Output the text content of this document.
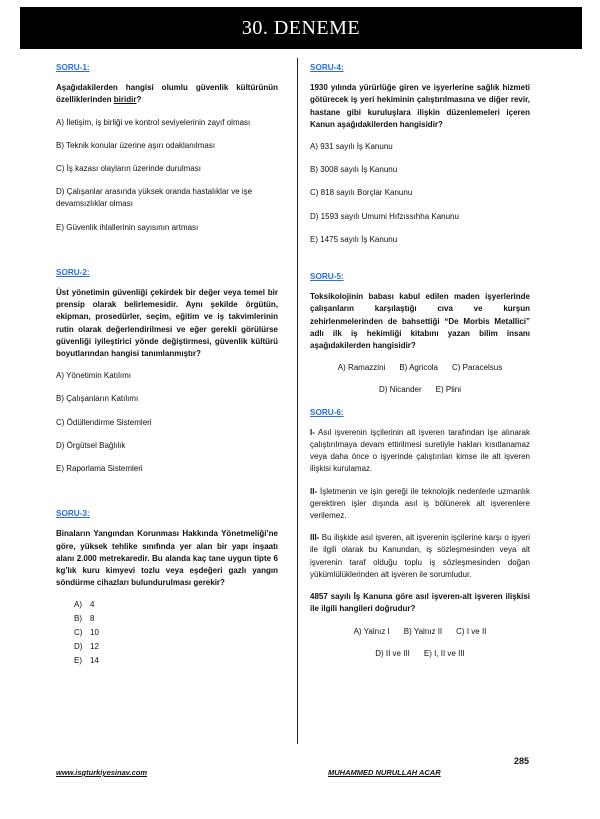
30. DENEME
SORU-1:
Aşağıdakilerden hangisi olumlu güvenlik kültürünün özelliklerinden biridir?
A) İletişim, iş birliği ve kontrol seviyelerinin zayıf olması
B) Teknik konular üzerine aşırı odaklanılması
C) İş kazası olayların üzerinde durulması
D) Çalışanlar arasında yüksek oranda hastalıklar ve işe devamsızlıklar olması
E) Güvenlik ihlallerinin sayısının artması
SORU-2:
Üst yönetimin güvenliği çekirdek bir değer veya temel bir prensip olarak belirlemesidir. Aynı şekilde örgütün, ekipman, prosedürler, seçim, eğitim ve iş takvimlerinin rutin olarak değerlendirilmesi ve eğer gerekli görülürse güvenliği iyileştirici yönde değiştirmesi, güvenlik kültürü boyutlarından hangisi tanımlanmıştır?
A) Yönetimin Katılımı
B) Çalışanların Katılımı
C) Ödüllendirme Sistemleri
D) Örgütsel Bağlılık
E) Raporlama Sistemleri
SORU-3:
Binaların Yangından Korunması Hakkında Yönetmeliği’ne göre, yüksek tehlike sınıfında yer alan bir yapı inşaatı alanı 2.000 metrekaredir. Bu alanda kaç tane uygun tipte 6 kg’lık kuru kimyevi tozlu veya eşdeğeri gazlı yangın söndürme cihazları bulundurulması gerekir?
A)	4
B)	8
C) 10
D) 12
E)	14
SORU-4:
1930 yılında yürürlüğe giren ve işyerlerine sağlık hizmeti götürecek iş yeri hekiminin çalıştırılmasına ve diğer revir, hastane gibi kuruluşlara ilişkin düzenlemeleri içeren Kanun aşağıdakilerden hangisidir?
A) 931 sayılı İş Kanunu
B) 3008 sayılı İş Kanunu
C) 818 sayılı Borçlar Kanunu
D) 1593 sayılı Umumi Hıfzıssıhha Kanunu
E) 1475 sayılı İş Kanunu
SORU-5:
Toksikolojinin babası kabul edilen maden işyerlerinde çalışanların karşılaştığı cıva ve kurşun zehirlenmelerinden de bahsettiği “De Morbis Metallici” adlı ilk iş hekimliği kitabını yazan bilim insanı aşağıdakilerden hangisidir?
A) Ramazzini B) Agricola C) Paracelsus
D) Nicander E) Plini
SORU-6:
I- Asıl işverenin işçilerinin alt işveren tarafından işe alınarak çalıştırılmaya devam ettirilmesi suretiyle hakları kısıtlanamaz veya daha önce o işyerinde çalıştırılan kimse ile alt işveren ilişkisi kurulamaz.
II- İşletmenin ve işin gereği ile teknolojik nedenlerle uzmanlık gerektiren işler dışında asıl iş bölünerek alt işverenlere verilemez.
III- Bu ilişkide asıl işveren, alt işverenin işçilerine karşı o işyeri ile ilgili olarak bu Kanundan, iş sözleşmesinden veya alt işverenin taraf olduğu toplu iş sözleşmesinden doğan yükümlülüklerinden alt işveren ile sorumludur.
4857 sayılı İş Kanuna göre asıl işveren-alt işveren ilişkisi ile ilgili hangileri doğrudur?
A) Yalnız I B) Yalnız II C) I ve II
D) II ve III E) I, II ve III
285
www.isgturkiyesinav.com	MUHAMMED NURULLAH ACAR
